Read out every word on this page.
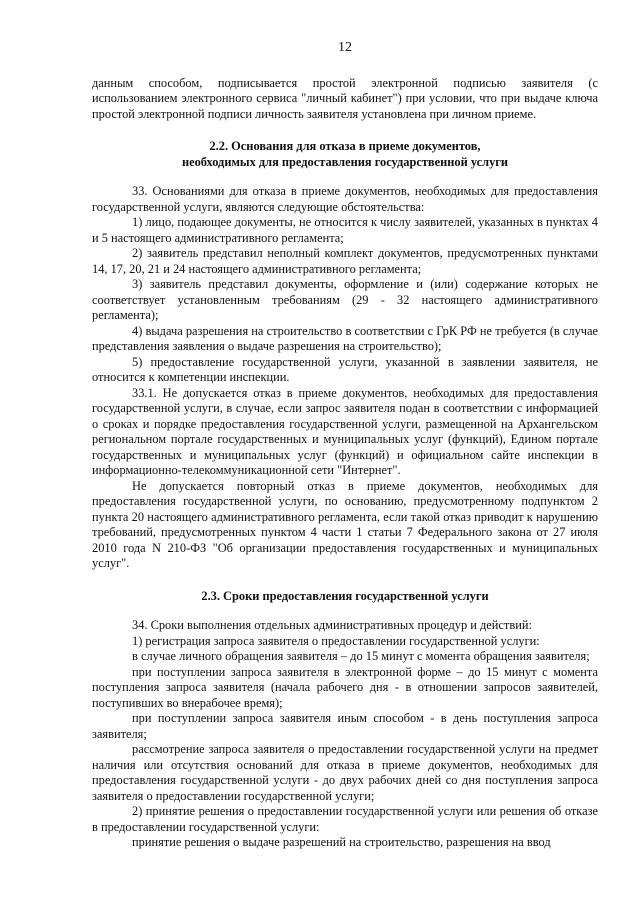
12

данным способом, подписывается простой электронной подписью заявителя (с использованием электронного сервиса "личный кабинет") при условии, что при выдаче ключа простой электронной подписи личность заявителя установлена при личном приеме.

2.2. Основания для отказа в приеме документов,
необходимых для предоставления государственной услуги

33. Основаниями для отказа в приеме документов, необходимых для предоставления государственной услуги, являются следующие обстоятельства:

1) лицо, подающее документы, не относится к числу заявителей, указанных в пунктах 4 и 5 настоящего административного регламента;

2) заявитель представил неполный комплект документов, предусмотренных пунктами 14, 17, 20, 21 и 24 настоящего административного регламента;

3) заявитель представил документы, оформление и (или) содержание которых не соответствует установленным требованиям (29 - 32 настоящего административного регламента);

4) выдача разрешения на строительство в соответствии с ГрК РФ не требуется (в случае представления заявления о выдаче разрешения на строительство);

5) предоставление государственной услуги, указанной в заявлении заявителя, не относится к компетенции инспекции.

33.1. Не допускается отказ в приеме документов, необходимых для предоставления государственной услуги, в случае, если запрос заявителя подан в соответствии с информацией о сроках и порядке предоставления государственной услуги, размещенной на Архангельском региональном портале государственных и муниципальных услуг (функций), Едином портале государственных и муниципальных услуг (функций) и официальном сайте инспекции в информационно-телекоммуникационной сети "Интернет".

Не допускается повторный отказ в приеме документов, необходимых для предоставления государственной услуги, по основанию, предусмотренному подпунктом 2 пункта 20 настоящего административного регламента, если такой отказ приводит к нарушению требований, предусмотренных пунктом 4 части 1 статьи 7 Федерального закона от 27 июля 2010 года N 210-ФЗ "Об организации предоставления государственных и муниципальных услуг".

2.3. Сроки предоставления государственной услуги

34. Сроки выполнения отдельных административных процедур и действий:

1) регистрация запроса заявителя о предоставлении государственной услуги:

в случае личного обращения заявителя – до 15 минут с момента обращения заявителя;

при поступлении запроса заявителя в электронной форме – до 15 минут с момента поступления запроса заявителя (начала рабочего дня - в отношении запросов заявителей, поступивших во внерабочее время);

при поступлении запроса заявителя иным способом - в день поступления запроса заявителя;

рассмотрение запроса заявителя о предоставлении государственной услуги на предмет наличия или отсутствия оснований для отказа в приеме документов, необходимых для предоставления государственной услуги - до двух рабочих дней со дня поступления запроса заявителя о предоставлении государственной услуги;

2) принятие решения о предоставлении государственной услуги или решения об отказе в предоставлении государственной услуги:

принятие решения о выдаче разрешений на строительство, разрешения на ввод
